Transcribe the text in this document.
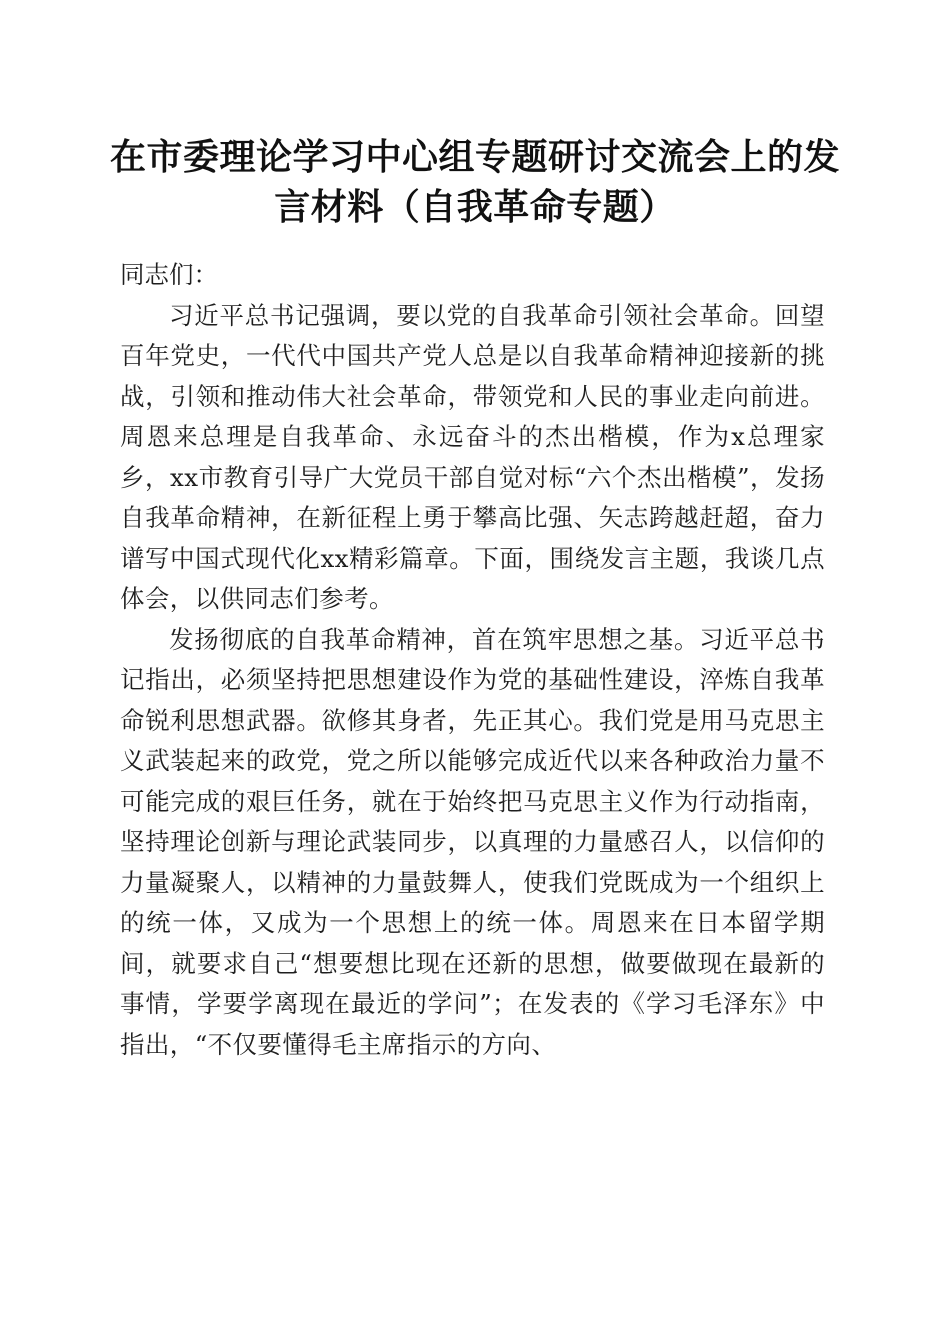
在市委理论学习中心组专题研讨交流会上的发
言材料（自我革命专题）

同志们：

习近平总书记强调，要以党的自我革命引领社会革命。回望百年党史，一代代中国共产党人总是以自我革命精神迎接新的挑战，引领和推动伟大社会革命，带领党和人民的事业走向前进。周恩来总理是自我革命、永远奋斗的杰出楷模，作为x总理家乡，xx市教育引导广大党员干部自觉对标“六个杰出楷模”，发扬自我革命精神，在新征程上勇于攀高比强、矢志跨越赶超，奋力谱写中国式现代化xx精彩篇章。下面，围绕发言主题，我谈几点体会，以供同志们参考。

发扬彻底的自我革命精神，首在筑牢思想之基。习近平总书记指出，必须坚持把思想建设作为党的基础性建设，淬炼自我革命锐利思想武器。欲修其身者，先正其心。我们党是用马克思主义武装起来的政党，党之所以能够完成近代以来各种政治力量不可能完成的艰巨任务，就在于始终把马克思主义作为行动指南，坚持理论创新与理论武装同步，以真理的力量感召人，以信仰的力量凝聚人，以精神的力量鼓舞人，使我们党既成为一个组织上的统一体，又成为一个思想上的统一体。周恩来在日本留学期间，就要求自己“想要想比现在还新的思想，做要做现在最新的事情，学要学离现在最近的学问”；在发表的《学习毛泽东》中指出，“不仅要懂得毛主席指示的方向、
